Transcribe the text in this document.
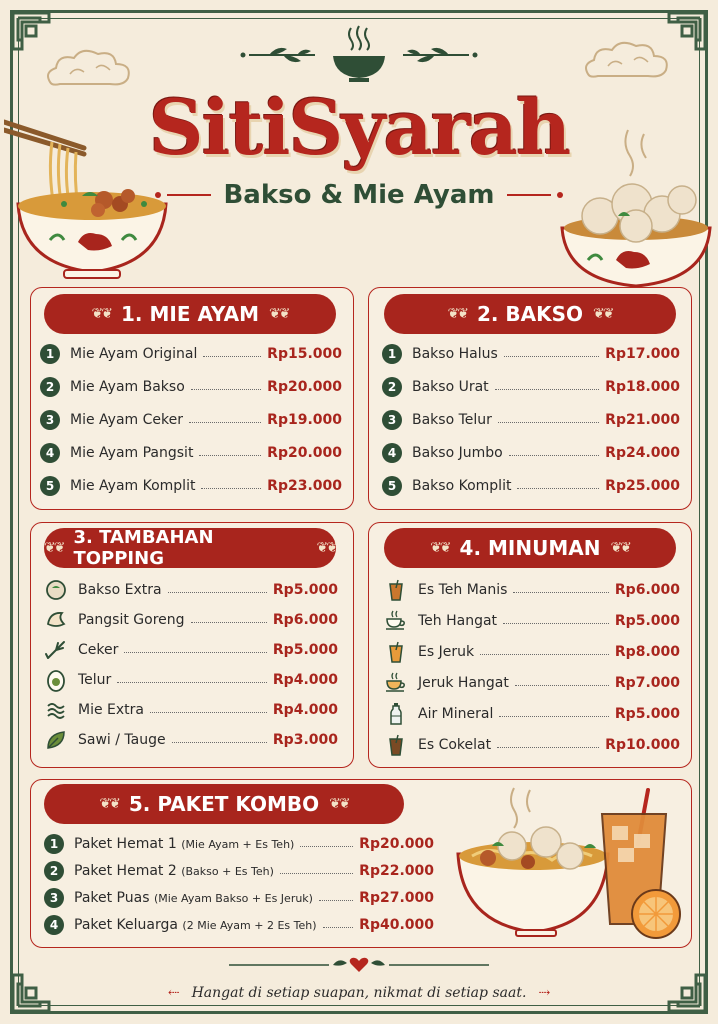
SitiSyarah
Bakso & Mie Ayam
❦❦ 1. MIE AYAM ❦❦
1	Mie Ayam Original	Rp15.000
2	Mie Ayam Bakso	Rp20.000
3	Mie Ayam Ceker	Rp19.000
4	Mie Ayam Pangsit	Rp20.000
5	Mie Ayam Komplit	Rp23.000
❦❦ 2. BAKSO ❦❦
1	Bakso Halus	Rp17.000
2	Bakso Urat	Rp18.000
3	Bakso Telur	Rp21.000
4	Bakso Jumbo	Rp24.000
5	Bakso Komplit	Rp25.000
❦❦ 3. TAMBAHAN TOPPING	❦❦
Bakso Extra	Rp5.000
Pangsit Goreng	Rp6.000
Ceker	Rp5.000
Telur	Rp4.000
Mie Extra	Rp4.000
Sawi / Tauge	Rp3.000
❦❦ 4. MINUMAN ❦❦
Es Teh Manis	Rp6.000
Teh Hangat	Rp5.000
Es Jeruk	Rp8.000
Jeruk Hangat	Rp7.000
Air Mineral	Rp5.000
Es Cokelat	Rp10.000
❦❦ 5. PAKET KOMBO ❦❦
1	Paket Hemat 1 (Mie Ayam + Es Teh)	Rp20.000
2	Paket Hemat 2 (Bakso + Es Teh)	Rp22.000
3	Paket Puas (Mie Ayam Bakso + Es Jeruk)	Rp27.000
4	Paket Keluarga (2 Mie Ayam + 2 Es Teh)	Rp40.000
⇠ Hangat di setiap suapan, nikmat di setiap saat. ⇢
